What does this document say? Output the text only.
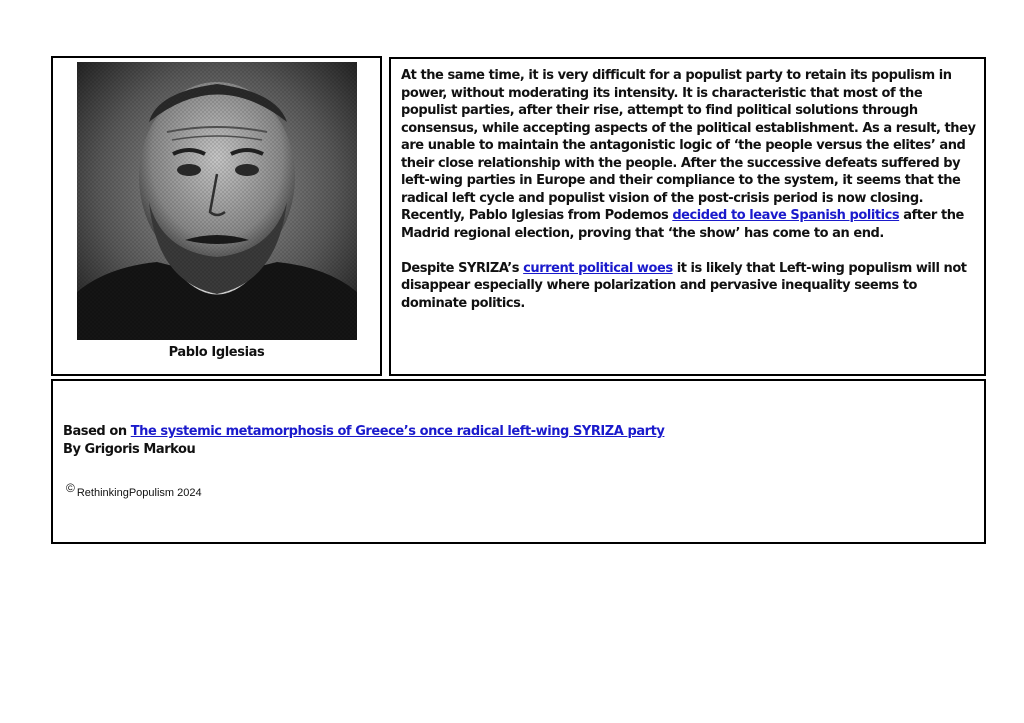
Pablo Iglesias

At the same time, it is very difficult for a populist party to retain its populism in power, without moderating its intensity. It is characteristic that most of the populist parties, after their rise, attempt to find political solutions through consensus, while accepting aspects of the political establishment. As a result, they are unable to maintain the antagonistic logic of ‘the people versus the elites’ and their close relationship with the people. After the successive defeats suffered by left-wing parties in Europe and their compliance to the system, it seems that the radical left cycle and populist vision of the post-crisis period is now closing. Recently, Pablo Iglesias from Podemos decided to leave Spanish politics after the Madrid regional election, proving that ‘the show’ has come to an end.

Despite SYRIZA’s current political woes it is likely that Left-wing populism will not disappear especially where polarization and pervasive inequality seems to dominate politics.

Based on The systemic metamorphosis of Greece’s once radical left-wing SYRIZA party
By Grigoris Markou
© RethinkingPopulism 2024
